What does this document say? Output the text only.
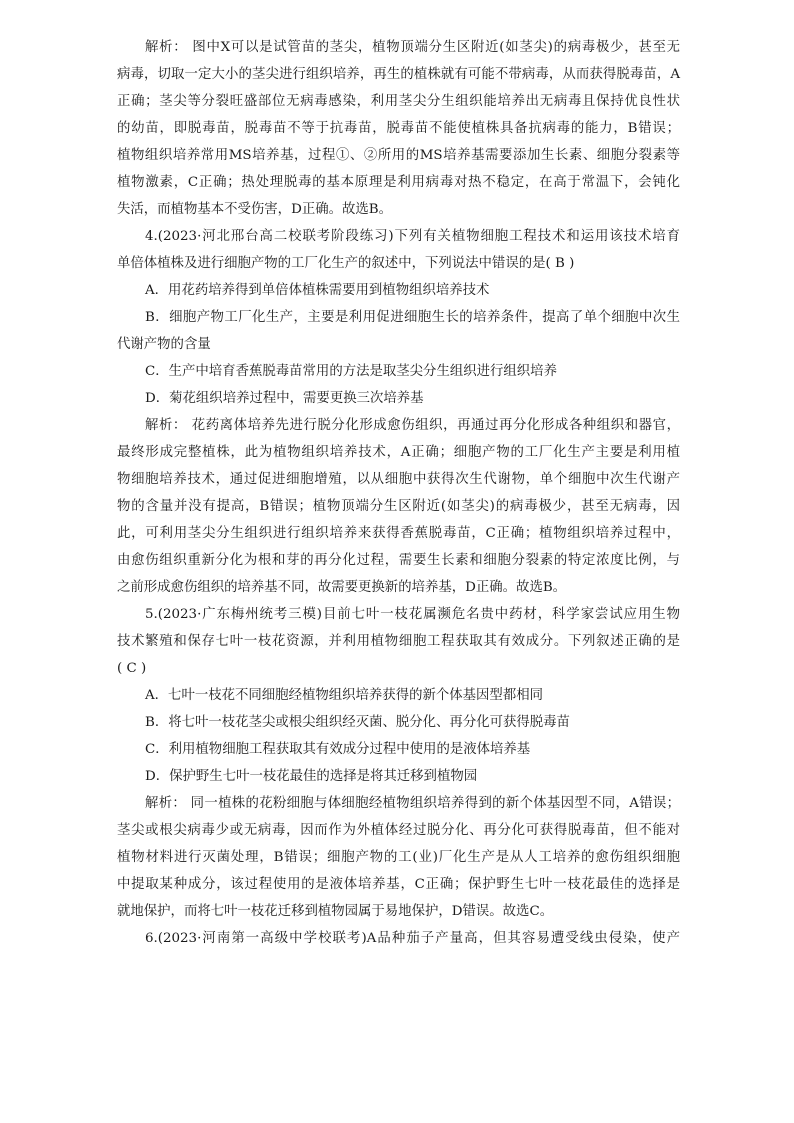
解析： 图中Ⅹ可以是试管苗的茎尖，植物顶端分生区附近(如茎尖)的病毒极少，甚至无
病毒，切取一定大小的茎尖进行组织培养，再生的植株就有可能不带病毒，从而获得脱毒苗，A
正确；茎尖等分裂旺盛部位无病毒感染，利用茎尖分生组织能培养出无病毒且保持优良性状
的幼苗，即脱毒苗，脱毒苗不等于抗毒苗，脱毒苗不能使植株具备抗病毒的能力，B错误；
植物组织培养常用MS培养基，过程①、②所用的MS培养基需要添加生长素、细胞分裂素等
植物激素，C正确；热处理脱毒的基本原理是利用病毒对热不稳定，在高于常温下，会钝化
失活，而植物基本不受伤害，D正确。故选B。
4.(2023·河北邢台高二校联考阶段练习)下列有关植物细胞工程技术和运用该技术培育
单倍体植株及进行细胞产物的工厂化生产的叙述中，下列说法中错误的是( B )
A．用花药培养得到单倍体植株需要用到植物组织培养技术
B．细胞产物工厂化生产，主要是利用促进细胞生长的培养条件，提高了单个细胞中次生
代谢产物的含量
C．生产中培育香蕉脱毒苗常用的方法是取茎尖分生组织进行组织培养
D．菊花组织培养过程中，需要更换三次培养基
解析： 花药离体培养先进行脱分化形成愈伤组织，再通过再分化形成各种组织和器官，
最终形成完整植株，此为植物组织培养技术，A正确；细胞产物的工厂化生产主要是利用植
物细胞培养技术，通过促进细胞增殖，以从细胞中获得次生代谢物，单个细胞中次生代谢产
物的含量并没有提高，B错误；植物顶端分生区附近(如茎尖)的病毒极少，甚至无病毒，因
此，可利用茎尖分生组织进行组织培养来获得香蕉脱毒苗，C正确；植物组织培养过程中，
由愈伤组织重新分化为根和芽的再分化过程，需要生长素和细胞分裂素的特定浓度比例，与
之前形成愈伤组织的培养基不同，故需要更换新的培养基，D正确。故选B。
5.(2023·广东梅州统考三模)目前七叶一枝花属濒危名贵中药材，科学家尝试应用生物
技术繁殖和保存七叶一枝花资源，并利用植物细胞工程获取其有效成分。下列叙述正确的是
( C )
A．七叶一枝花不同细胞经植物组织培养获得的新个体基因型都相同
B．将七叶一枝花茎尖或根尖组织经灭菌、脱分化、再分化可获得脱毒苗
C．利用植物细胞工程获取其有效成分过程中使用的是液体培养基
D．保护野生七叶一枝花最佳的选择是将其迁移到植物园
解析： 同一植株的花粉细胞与体细胞经植物组织培养得到的新个体基因型不同，A错误；
茎尖或根尖病毒少或无病毒，因而作为外植体经过脱分化、再分化可获得脱毒苗，但不能对
植物材料进行灭菌处理，B错误；细胞产物的工(业)厂化生产是从人工培养的愈伤组织细胞
中提取某种成分，该过程使用的是液体培养基，C正确；保护野生七叶一枝花最佳的选择是
就地保护，而将七叶一枝花迁移到植物园属于易地保护，D错误。故选C。
6.(2023·河南第一高级中学校联考)A品种茄子产量高，但其容易遭受线虫侵染，使产
